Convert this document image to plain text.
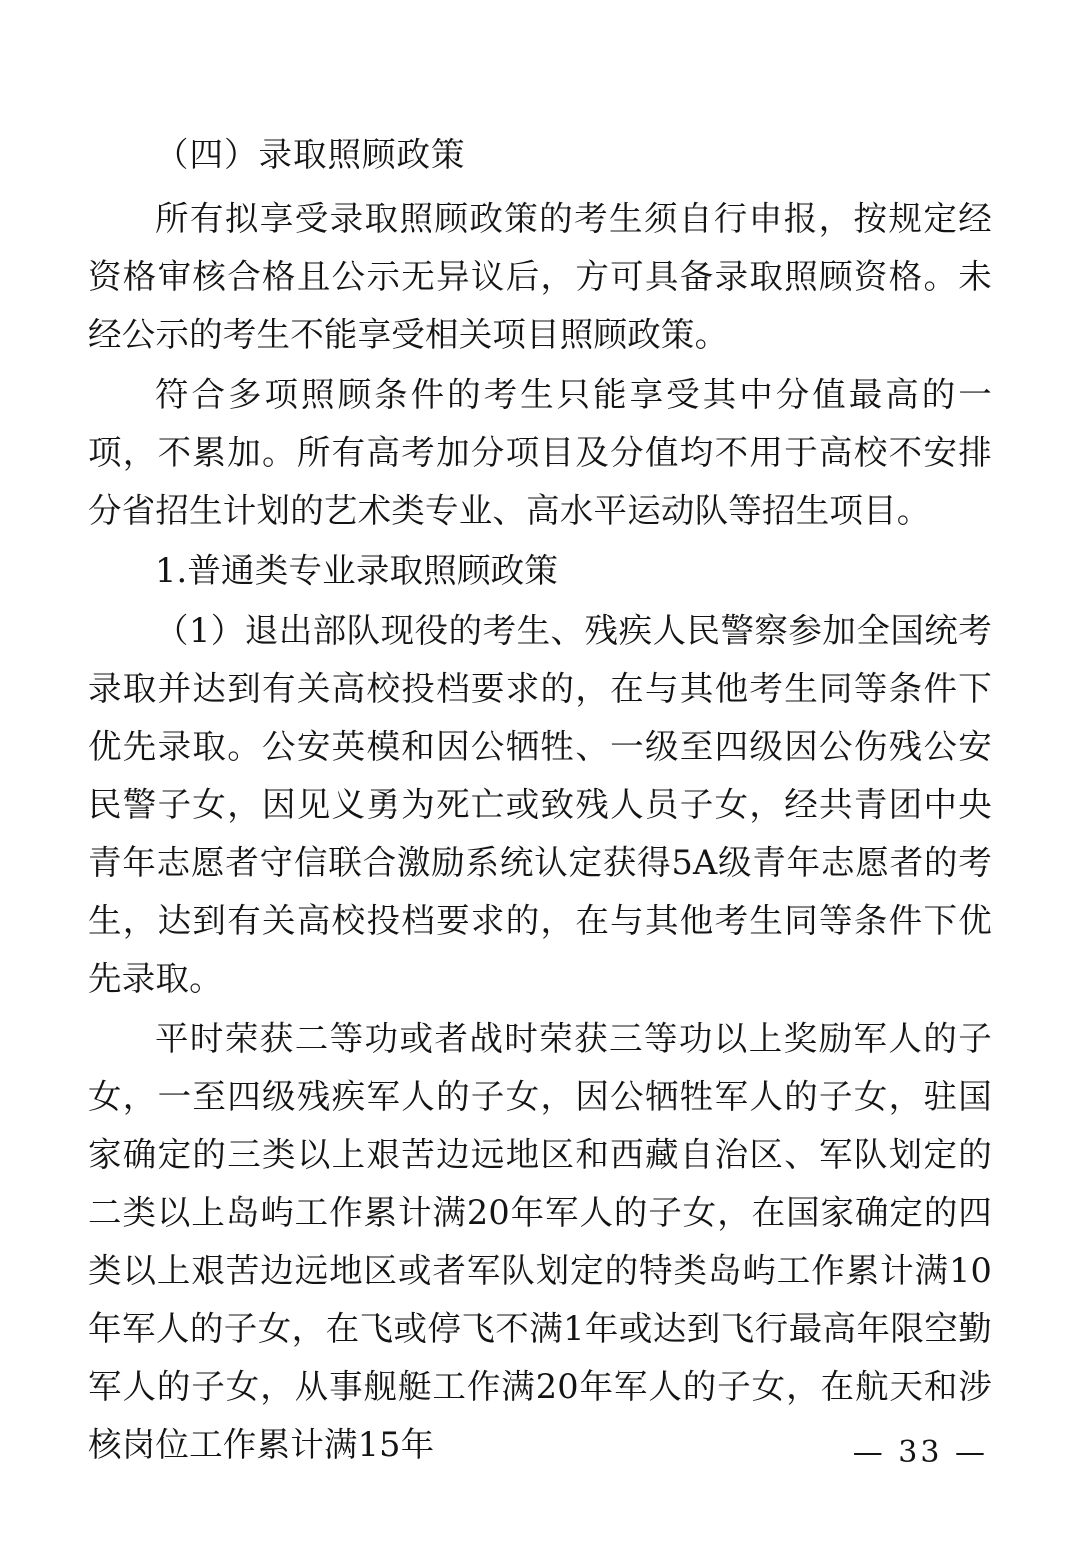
（四）录取照顾政策

所有拟享受录取照顾政策的考生须自行申报，按规定经资格审核合格且公示无异议后，方可具备录取照顾资格。未经公示的考生不能享受相关项目照顾政策。

符合多项照顾条件的考生只能享受其中分值最高的一项，不累加。所有高考加分项目及分值均不用于高校不安排分省招生计划的艺术类专业、高水平运动队等招生项目。

1.普通类专业录取照顾政策

（1）退出部队现役的考生、残疾人民警察参加全国统考录取并达到有关高校投档要求的，在与其他考生同等条件下优先录取。公安英模和因公牺牲、一级至四级因公伤残公安民警子女，因见义勇为死亡或致残人员子女，经共青团中央青年志愿者守信联合激励系统认定获得5A级青年志愿者的考生，达到有关高校投档要求的，在与其他考生同等条件下优先录取。

平时荣获二等功或者战时荣获三等功以上奖励军人的子女，一至四级残疾军人的子女，因公牺牲军人的子女，驻国家确定的三类以上艰苦边远地区和西藏自治区、军队划定的二类以上岛屿工作累计满20年军人的子女，在国家确定的四类以上艰苦边远地区或者军队划定的特类岛屿工作累计满10年军人的子女，在飞或停飞不满1年或达到飞行最高年限空勤军人的子女，从事舰艇工作满20年军人的子女，在航天和涉核岗位工作累计满15年	— 33 —
